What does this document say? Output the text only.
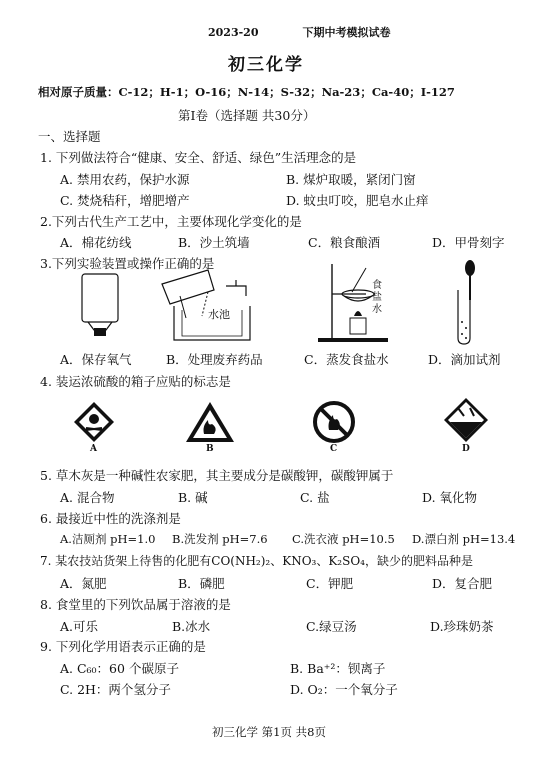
2023-20　　　　下期中考模拟试卷
初三化学
相对原子质量：C-12；H-1；O-16；N-14；S-32；Na-23；Ca-40；I-127
第Ⅰ卷（选择题 共30分）
一、选择题
1. 下列做法符合“健康、安全、舒适、绿色”生活理念的是
A. 禁用农药，保护水源	B. 煤炉取暖，紧闭门窗
C. 焚烧秸秆，增肥增产	D. 蚊虫叮咬，肥皂水止痒
2.下列古代生产工艺中，主要体现化学变化的是
A．棉花纺线	B．沙土筑墙	C．粮食酿酒	D．甲骨刻字
3.下列实验装置或操作正确的是
水池
食
盐
水
A．保存氧气	B．处理废弃药品	C．蒸发食盐水	D．滴加试剂
4. 装运浓硫酸的箱子应贴的标志是
A	B	C	D
5. 草木灰是一种碱性农家肥，其主要成分是碳酸钾，碳酸钾属于
A. 混合物	B. 碱	C. 盐	D. 氧化物
6. 最接近中性的洗涤剂是
A.洁厕剂 pH=1.0 B.洗发剂 pH=7.6 C.洗衣液 pH=10.5 D.漂白剂 pH=13.4
7. 某农技站货架上待售的化肥有CO(NH₂)₂、KNO₃、K₂SO₄，缺少的肥料品种是
A．氮肥	B．磷肥	C．钾肥	D．复合肥
8. 食堂里的下列饮品属于溶液的是
A.可乐	B.冰水	C.绿豆汤	D.珍珠奶茶
9. 下列化学用语表示正确的是
A. C₆₀：60 个碳原子	B. Ba⁺²：钡离子
C. 2H：两个氢分子	D. O₂：一个氧分子
初三化学 第1页 共8页
